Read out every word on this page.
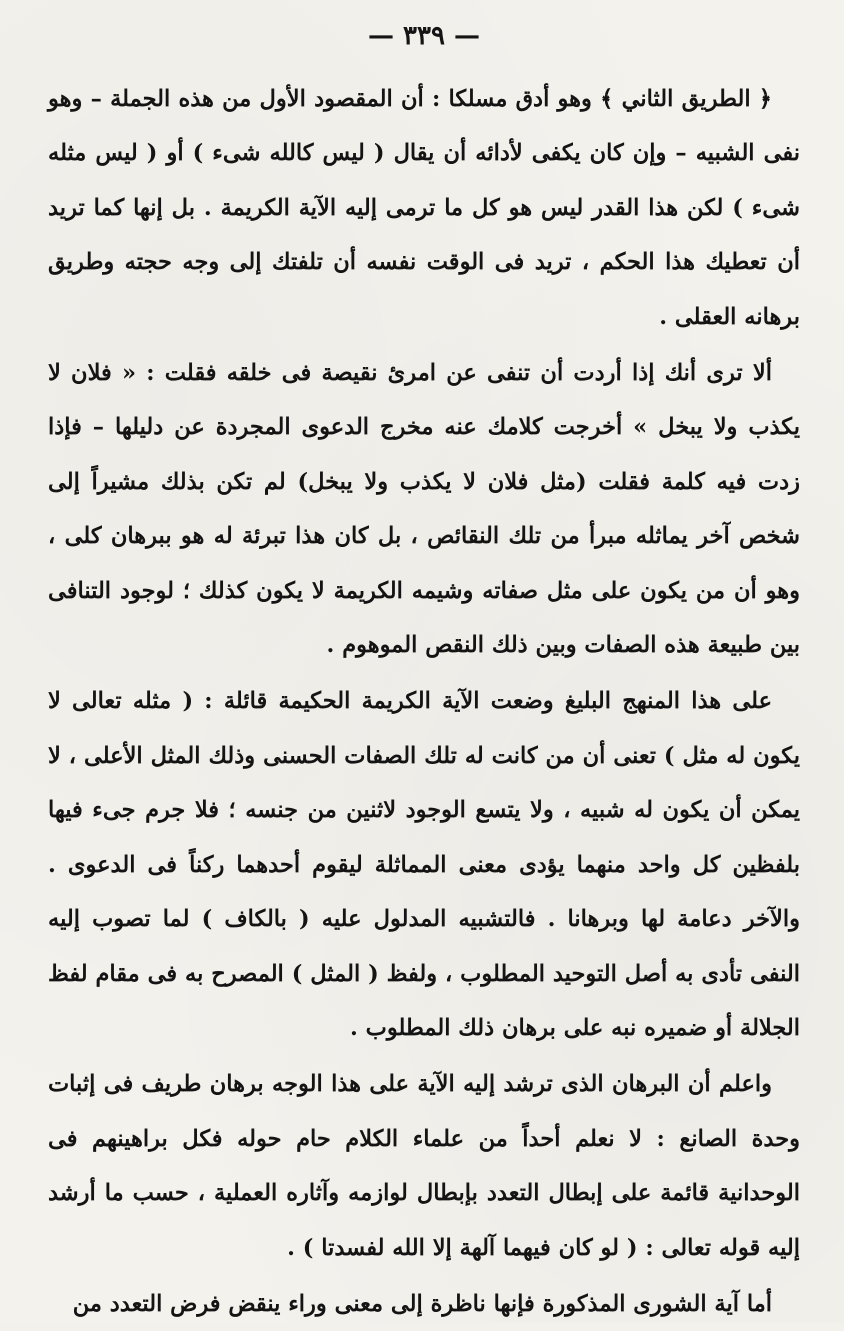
— ٣٣٩ —

﴿ الطريق الثاني ﴾ وهو أدق مسلكا : أن المقصود الأول من هذه الجملة – وهو نفى الشبيه – وإن كان يكفى لأدائه أن يقال ( ليس كالله شىء ) أو ( ليس مثله شىء ) لكن هذا القدر ليس هو كل ما ترمى إليه الآية الكريمة . بل إنها كما تريد أن تعطيك هذا الحكم ، تريد فى الوقت نفسه أن تلفتك إلى وجه حجته وطريق برهانه العقلى .

ألا ترى أنك إذا أردت أن تنفى عن امرئ نقيصة فى خلقه فقلت : « فلان لا يكذب ولا يبخل » أخرجت كلامك عنه مخرج الدعوى المجردة عن دليلها – فإذا زدت فيه كلمة فقلت (مثل فلان لا يكذب ولا يبخل) لم تكن بذلك مشيراً إلى شخص آخر يماثله مبرأ من تلك النقائص ، بل كان هذا تبرئة له هو ببرهان كلى ، وهو أن من يكون على مثل صفاته وشيمه الكريمة لا يكون كذلك ؛ لوجود التنافى بين طبيعة هذه الصفات وبين ذلك النقص الموهوم .

على هذا المنهج البليغ وضعت الآية الكريمة الحكيمة قائلة : ( مثله تعالى لا يكون له مثل ) تعنى أن من كانت له تلك الصفات الحسنى وذلك المثل الأعلى ، لا يمكن أن يكون له شبيه ، ولا يتسع الوجود لاثنين من جنسه ؛ فلا جرم جىء فيها بلفظين كل واحد منهما يؤدى معنى المماثلة ليقوم أحدهما ركناً فى الدعوى . والآخر دعامة لها وبرهانا . فالتشبيه المدلول عليه ( بالكاف ) لما تصوب إليه النفى تأدى به أصل التوحيد المطلوب ، ولفظ ( المثل ) المصرح به فى مقام لفظ الجلالة أو ضميره نبه على برهان ذلك المطلوب .

واعلم أن البرهان الذى ترشد إليه الآية على هذا الوجه برهان طريف فى إثبات وحدة الصانع : لا نعلم أحداً من علماء الكلام حام حوله فكل براهينهم فى الوحدانية قائمة على إبطال التعدد بإبطال لوازمه وآثاره العملية ، حسب ما أرشد إليه قوله تعالى : ( لو كان فيهما آلهة إلا الله لفسدتا ) .

أما آية الشورى المذكورة فإنها ناظرة إلى معنى وراء ينقض فرض التعدد من
